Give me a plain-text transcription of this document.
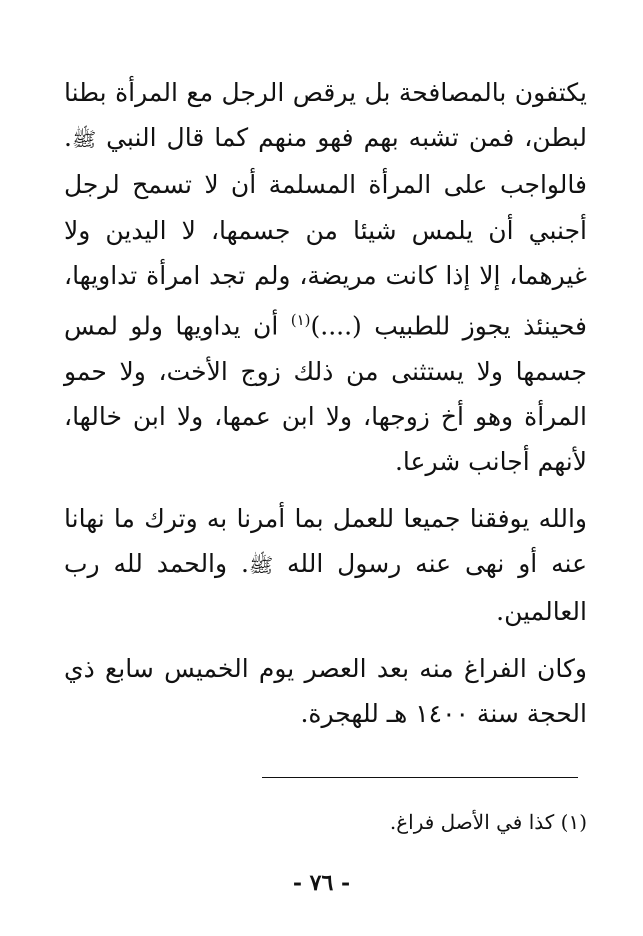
يكتفون بالمصافحة بل يرقص الرجل مع المرأة بطنا
لبطن، فمن تشبه بهم فهو منهم كما قال النبي ﷺ.
فالواجب على المرأة المسلمة أن لا تسمح لرجل
أجنبي أن يلمس شيئا من جسمها، لا اليدين ولا
غيرهما، إلا إذا كانت مريضة، ولم تجد امرأة تداويها،
فحينئذ يجوز للطبيب (....)$^{(١)}$ أن يداويها ولو لمس
جسمها ولا يستثنى من ذلك زوج الأخت، ولا حمو
المرأة وهو أخ زوجها، ولا ابن عمها، ولا ابن خالها،
لأنهم أجانب شرعا.

والله يوفقنا جميعا للعمل بما أمرنا به وترك ما نهانا
عنه أو نهى عنه رسول الله ﷺ. والحمد لله رب
العالمين.

وكان الفراغ منه بعد العصر يوم الخميس سابع ذي
الحجة سنة ١٤٠٠ هـ للهجرة.

(١) كذا في الأصل فراغ.
- ٧٦ -
